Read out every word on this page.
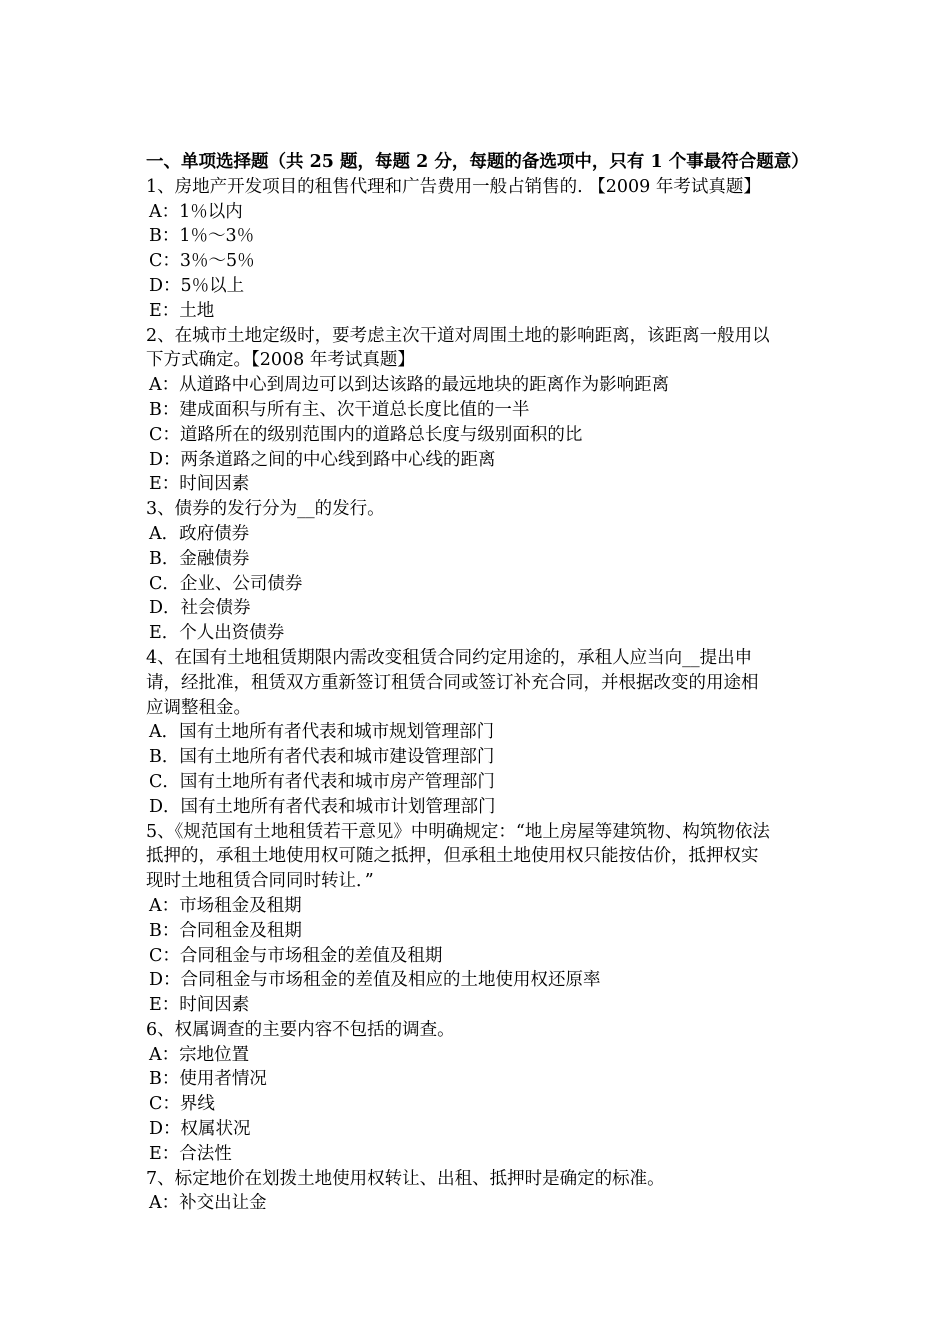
一、单项选择题（共 25 题，每题 2 分，每题的备选项中，只有 1 个事最符合题意）
1、房地产开发项目的租售代理和广告费用一般占销售的. 【2009 年考试真题】
A：1％以内
B：1％～3％
C：3％～5％
D：5％以上
E：土地
2、在城市土地定级时，要考虑主次干道对周围土地的影响距离，该距离一般用以
下方式确定。【2008 年考试真题】
A：从道路中心到周边可以到达该路的最远地块的距离作为影响距离
B：建成面积与所有主、次干道总长度比值的一半
C：道路所在的级别范围内的道路总长度与级别面积的比
D：两条道路之间的中心线到路中心线的距离
E：时间因素
3、债券的发行分为__的发行。
A．政府债券
B．金融债券
C．企业、公司债券
D．社会债券
E．个人出资债券
4、在国有土地租赁期限内需改变租赁合同约定用途的，承租人应当向__提出申
请，经批准，租赁双方重新签订租赁合同或签订补充合同，并根据改变的用途相
应调整租金。
A．国有土地所有者代表和城市规划管理部门
B．国有土地所有者代表和城市建设管理部门
C．国有土地所有者代表和城市房产管理部门
D．国有土地所有者代表和城市计划管理部门
5、《规范国有土地租赁若干意见》中明确规定：“地上房屋等建筑物、构筑物依法
抵押的，承租土地使用权可随之抵押，但承租土地使用权只能按估价，抵押权实
现时土地租赁合同同时转让．”
A：市场租金及租期
B：合同租金及租期
C：合同租金与市场租金的差值及租期
D：合同租金与市场租金的差值及相应的土地使用权还原率
E：时间因素
6、权属调查的主要内容不包括的调查。
A：宗地位置
B：使用者情况
C：界线
D：权属状况
E：合法性
7、标定地价在划拨土地使用权转让、出租、抵押时是确定的标准。
A：补交出让金
